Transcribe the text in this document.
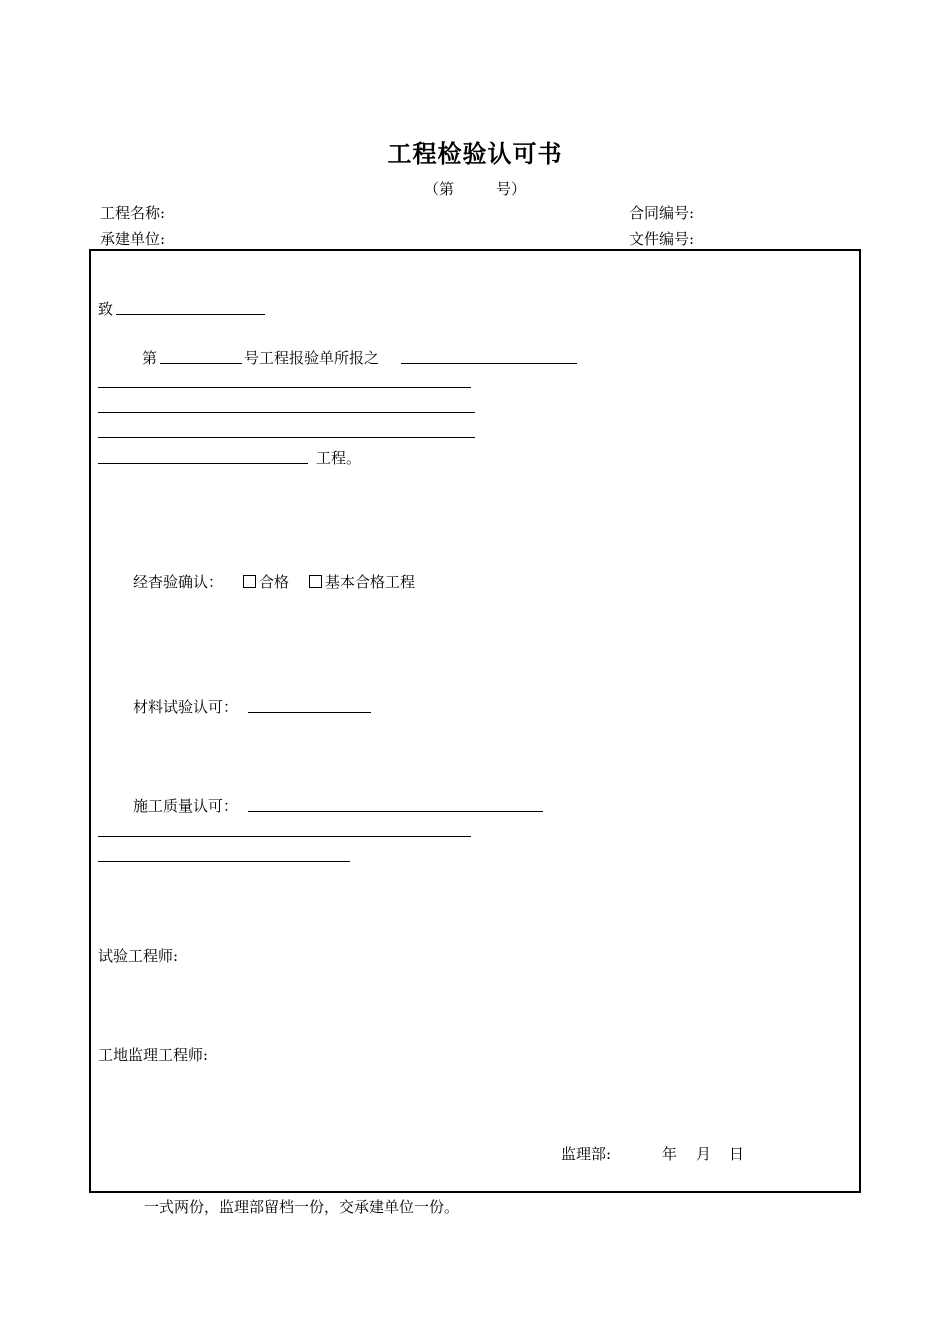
工程检验认可书
（第	号）
工程名称:	合同编号:
承建单位:	文件编号:
致
第	号工程报验单所报之
工程。
经杳验确认：	合格	基本合格工程
材料试验认可：
施工质量认可：
试验工程师:
工地监理工程师:
监理部:	年 月 日
一式两份，监理部留档一份，交承建单位一份。
